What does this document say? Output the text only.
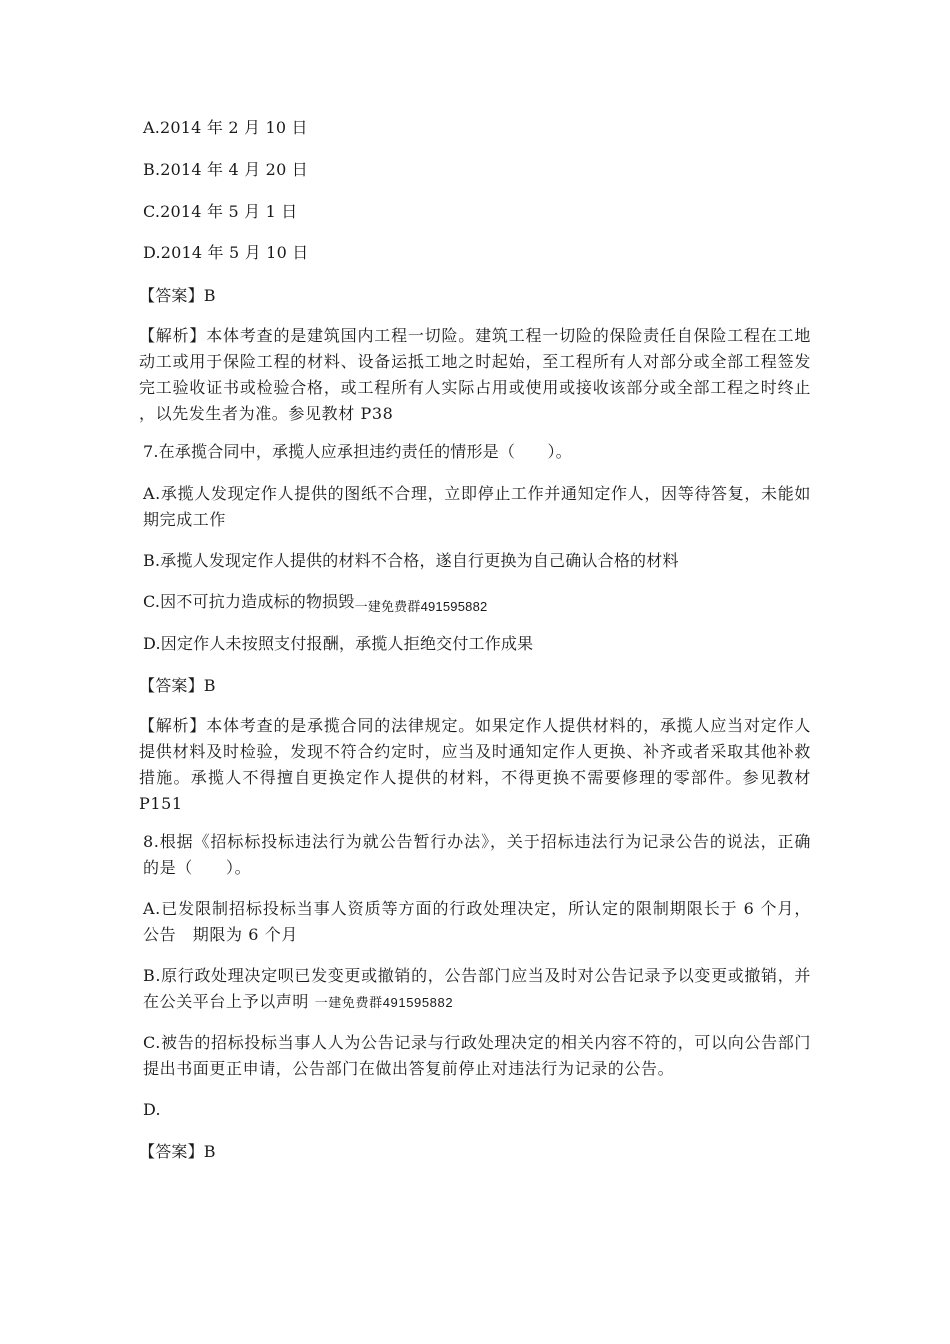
A.2014 年 2 月 10 日
B.2014 年 4 月 20 日
C.2014 年 5 月 1 日
D.2014 年 5 月 10 日
【答案】B
【解析】本体考查的是建筑国内工程一切险。建筑工程一切险的保险责任自保险工程在工地动工或用于保险工程的材料、设备运抵工地之时起始，至工程所有人对部分或全部工程签发完工验收证书或检验合格，或工程所有人实际占用或使用或接收该部分或全部工程之时终止 ，以先发生者为准。参见教材 P38
7.在承揽合同中，承揽人应承担违约责任的情形是（　　）。
A.承揽人发现定作人提供的图纸不合理，立即停止工作并通知定作人，因等待答复，未能如期完成工作
B.承揽人发现定作人提供的材料不合格，遂自行更换为自己确认合格的材料
C.因不可抗力造成标的物损毁$_{一建免费群491595882}$
D.因定作人未按照支付报酬，承揽人拒绝交付工作成果
【答案】B
【解析】本体考查的是承揽合同的法律规定。如果定作人提供材料的，承揽人应当对定作人提供材料及时检验，发现不符合约定时，应当及时通知定作人更换、补齐或者采取其他补救措施。承揽人不得擅自更换定作人提供的材料，不得更换不需要修理的零部件。参见教材 P151
8.根据《招标标投标违法行为就公告暂行办法》，关于招标违法行为记录公告的说法，正确的是（　　）。
A.已发限制招标投标当事人资质等方面的行政处理决定，所认定的限制期限长于 6 个月，公告　期限为 6 个月
B.原行政处理决定呗已发变更或撤销的，公告部门应当及时对公告记录予以变更或撤销，并在公关平台上予以声明 一建免费群491595882
C.被告的招标投标当事人人为公告记录与行政处理决定的相关内容不符的，可以向公告部门提出书面更正申请，公告部门在做出答复前停止对违法行为记录的公告。
D.
【答案】B
